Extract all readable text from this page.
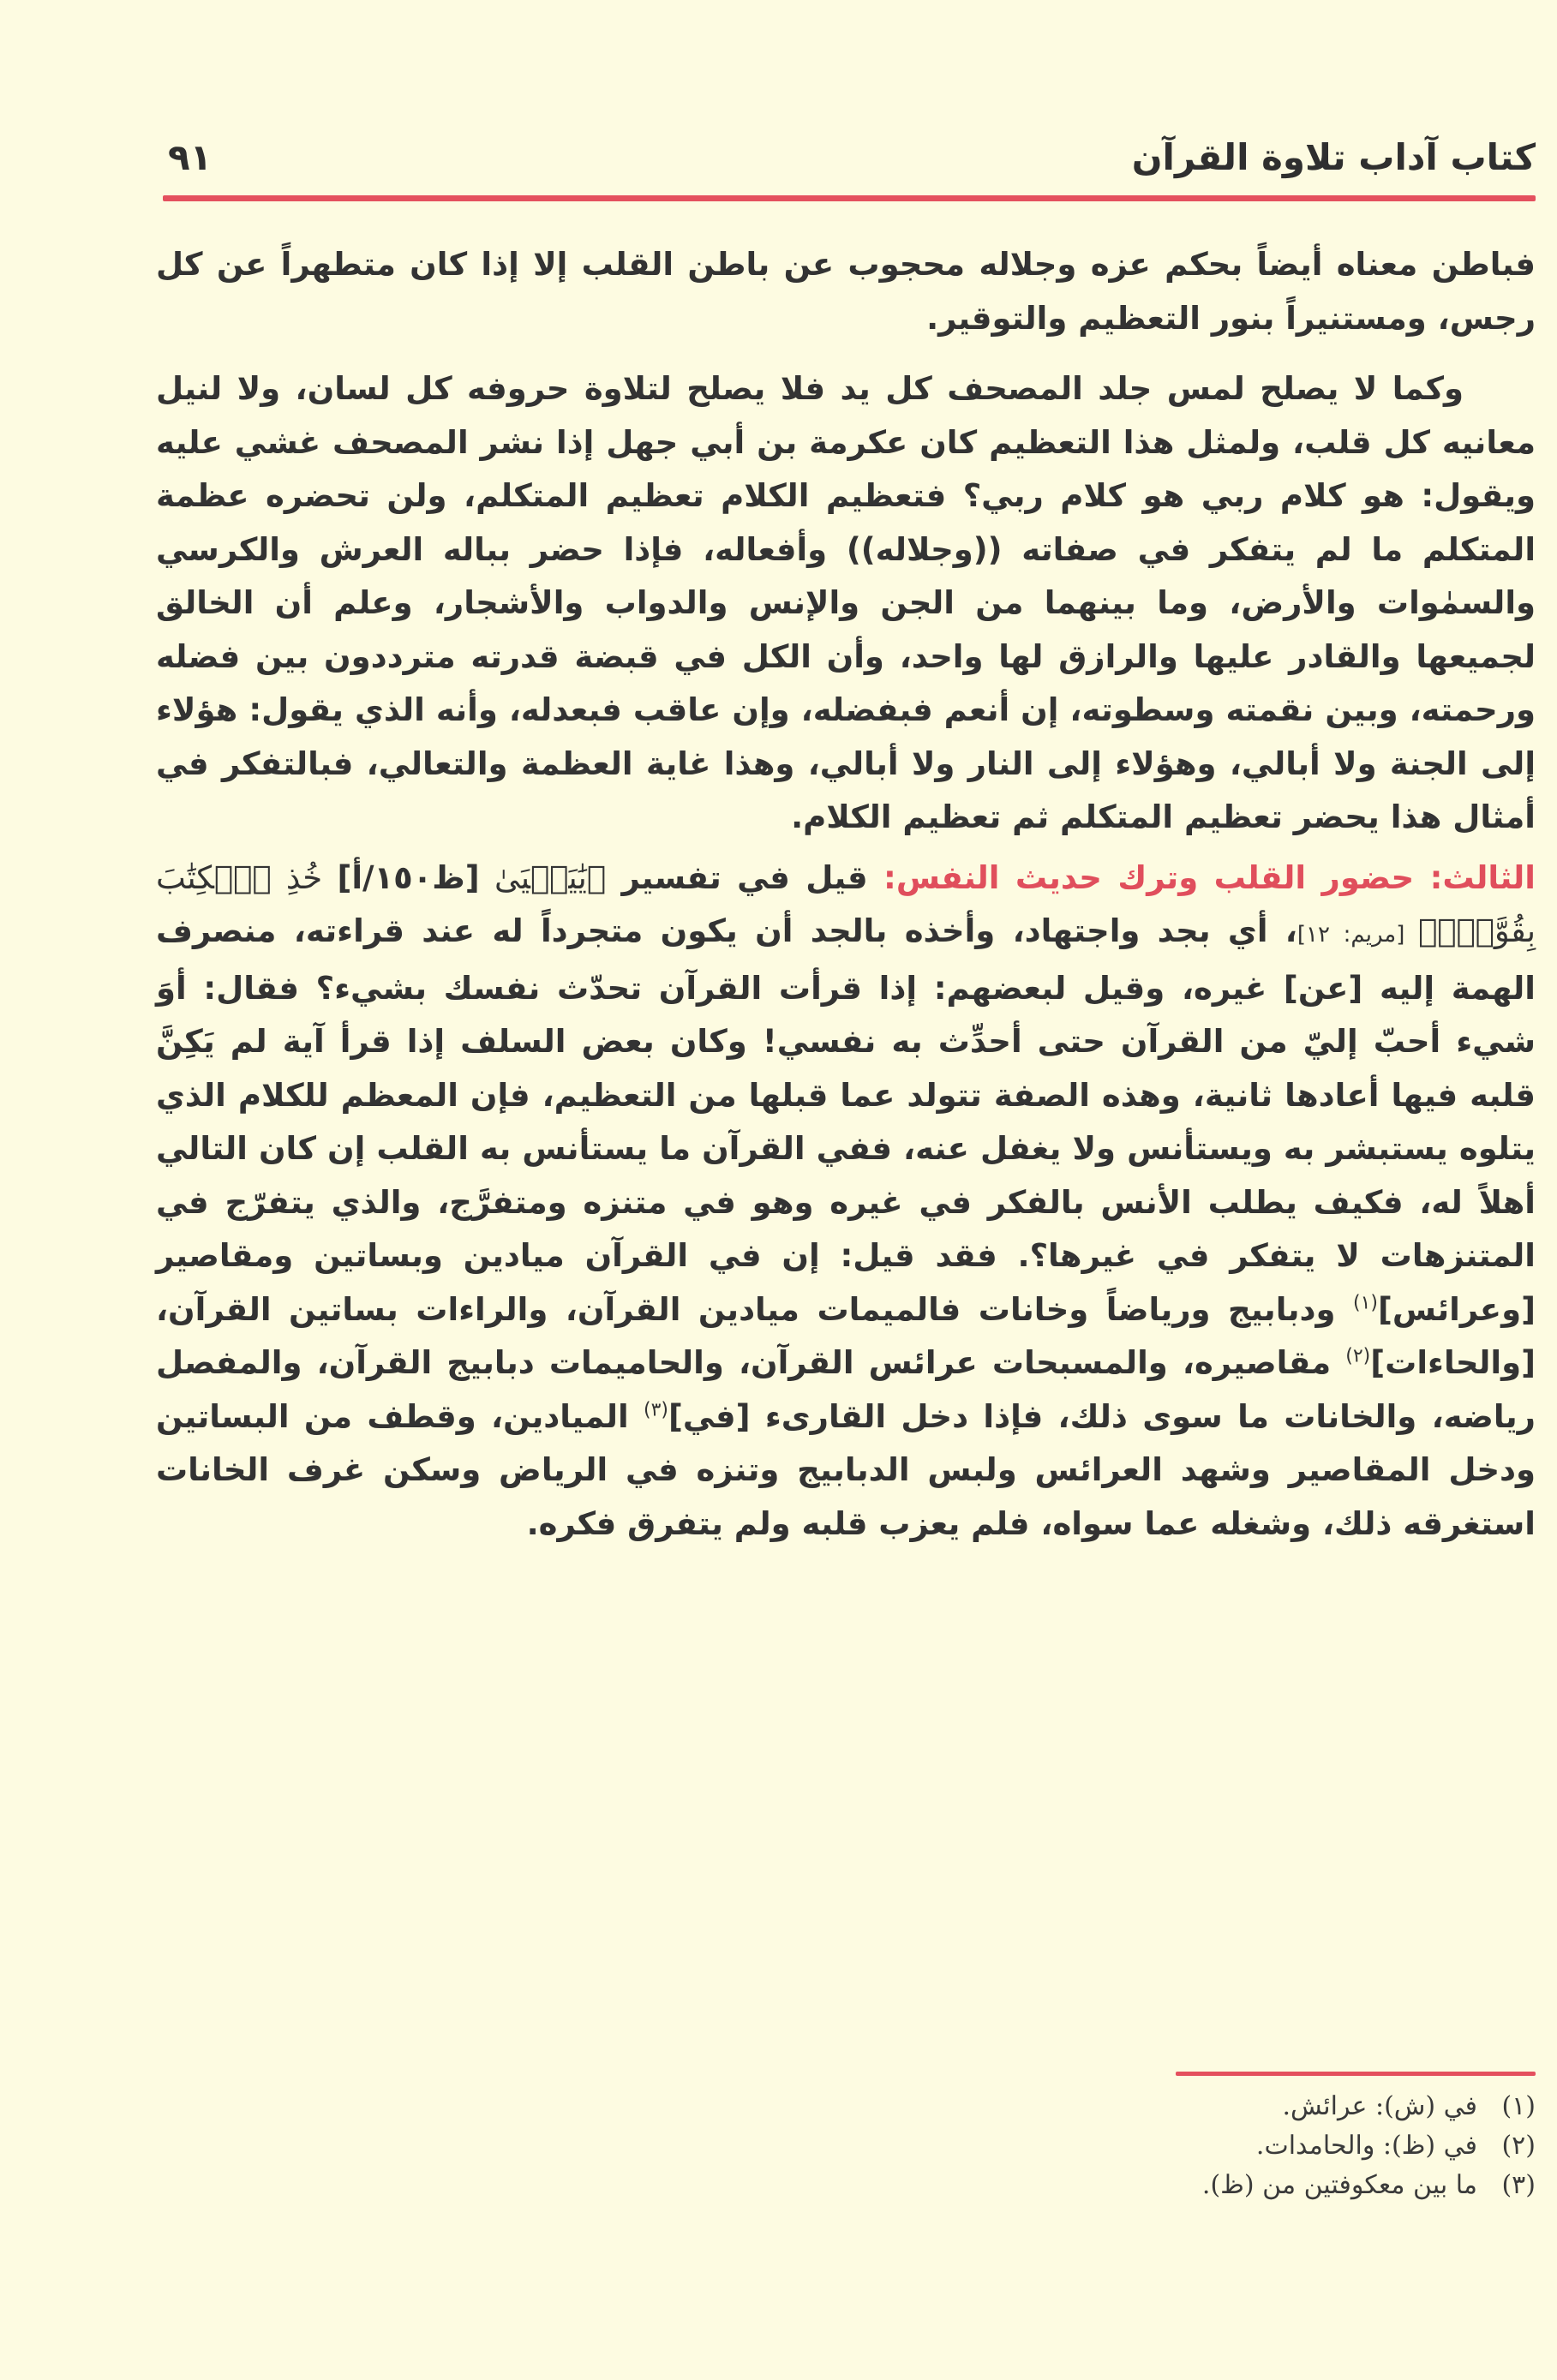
كتاب آداب تلاوة القرآن
٩١

فباطن معناه أيضاً بحكم عزه وجلاله محجوب عن باطن القلب إلا إذا كان متطهراً عن كل رجس، ومستنيراً بنور التعظيم والتوقير.

وكما لا يصلح لمس جلد المصحف كل يد فلا يصلح لتلاوة حروفه كل لسان، ولا لنيل معانيه كل قلب، ولمثل هذا التعظيم كان عكرمة بن أبي جهل إذا نشر المصحف غشي عليه ويقول: هو كلام ربي هو كلام ربي؟ فتعظيم الكلام تعظيم المتكلم، ولن تحضره عظمة المتكلم ما لم يتفكر في صفاته ((وجلاله)) وأفعاله، فإذا حضر بباله العرش والكرسي والسمٰوات والأرض، وما بينهما من الجن والإنس والدواب والأشجار، وعلم أن الخالق لجميعها والقادر عليها والرازق لها واحد، وأن الكل في قبضة قدرته مترددون بين فضله ورحمته، وبين نقمته وسطوته، إن أنعم فبفضله، وإن عاقب فبعدله، وأنه الذي يقول: هؤلاء إلى الجنة ولا أبالي، وهؤلاء إلى النار ولا أبالي، وهذا غاية العظمة والتعالي، فبالتفكر في أمثال هذا يحضر تعظيم المتكلم ثم تعظيم الكلام.

الثالث: حضور القلب وترك حديث النفس: قيل في تفسير ﴿يَٰيَحۡيَىٰ [ظ١٥٠/أ] خُذِ ٱلۡكِتَٰبَ بِقُوَّةٖۖ﴾ [مريم: ١٢]، أي بجد واجتهاد، وأخذه بالجد أن يكون متجرداً له عند قراءته، منصرف الهمة إليه [عن] غيره، وقيل لبعضهم: إذا قرأت القرآن تحدّث نفسك بشيء؟ فقال: أوَ شيء أحبّ إليّ من القرآن حتى أحدِّث به نفسي! وكان بعض السلف إذا قرأ آية لم يَكِنَّ قلبه فيها أعادها ثانية، وهذه الصفة تتولد عما قبلها من التعظيم، فإن المعظم للكلام الذي يتلوه يستبشر به ويستأنس ولا يغفل عنه، ففي القرآن ما يستأنس به القلب إن كان التالي أهلاً له، فكيف يطلب الأنس بالفكر في غيره وهو في متنزه ومتفرَّج، والذي يتفرّج في المتنزهات لا يتفكر في غيرها؟. فقد قيل: إن في القرآن ميادين وبساتين ومقاصير [وعرائس]$^{(١)}$ ودبابيج ورياضاً وخانات فالميمات ميادين القرآن، والراءات بساتين القرآن، [والحاءات]$^{(٢)}$ مقاصيره، والمسبحات عرائس القرآن، والحاميمات دبابيج القرآن، والمفصل رياضه، والخانات ما سوى ذلك، فإذا دخل القارىء [في]$^{(٣)}$ الميادين، وقطف من البساتين ودخل المقاصير وشهد العرائس ولبس الدبابيج وتنزه في الرياض وسكن غرف الخانات استغرقه ذلك، وشغله عما سواه، فلم يعزب قلبه ولم يتفرق فكره.

(١)
في (ش): عرائش.
(٢)
في (ظ): والحامدات.
(٣)
ما بين معكوفتين من (ظ).
